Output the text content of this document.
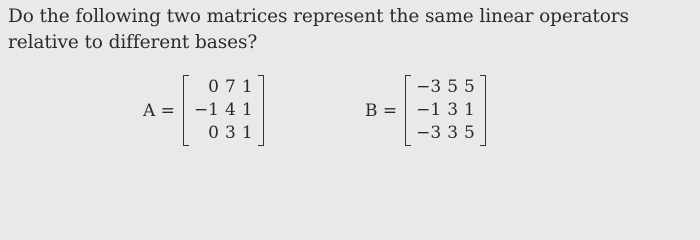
Do the following two matrices represent the same linear operators relative to different bases?
A =
0	7	1
−1	4	1
0	3	1
B =
−3	5	5
−1	3	1
−3	3	5
